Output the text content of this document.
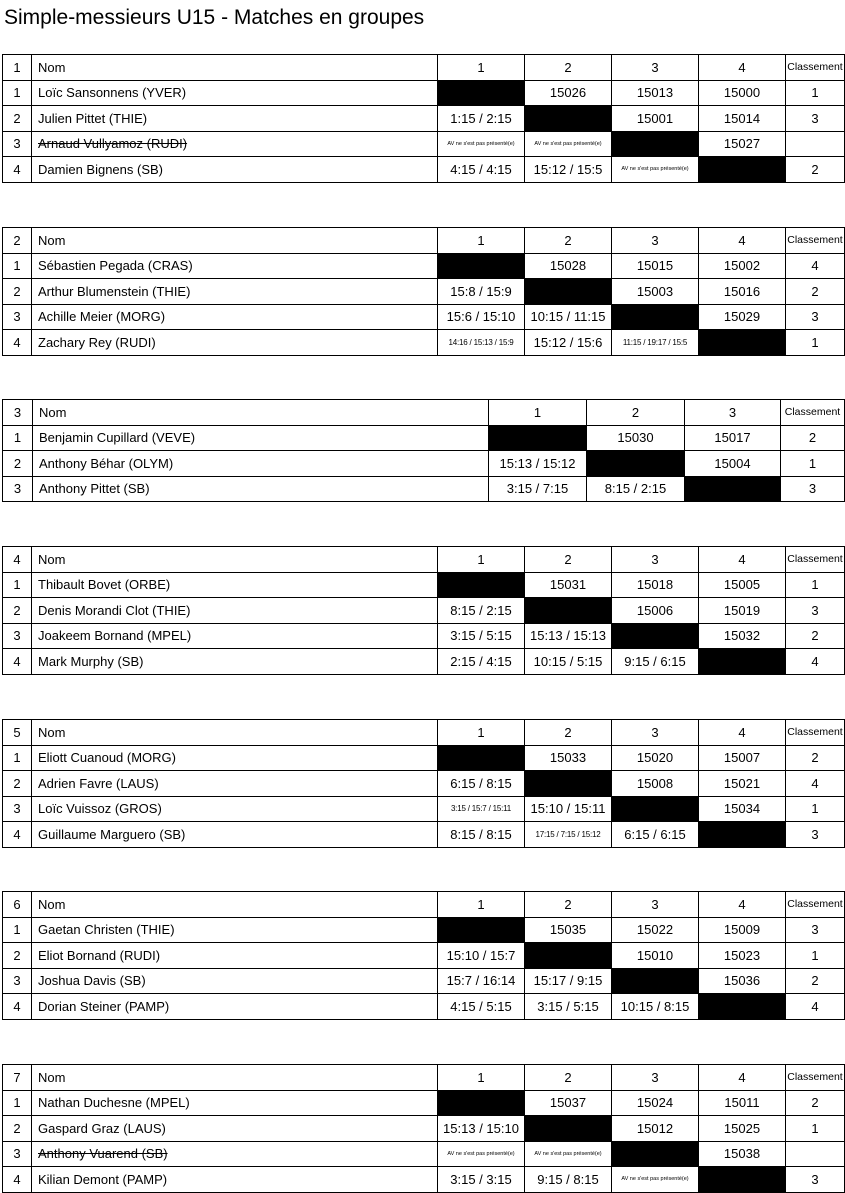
Simple-messieurs U15 - Matches en groupes
1	Nom	1	2	3	4	Classement
1	Loïc Sansonnens (YVER)		15026	15013	15000	1
2	Julien Pittet (THIE)	1:15 / 2:15		15001	15014	3
3	Arnaud Vullyamoz (RUDI)	AV ne s'est pas présenté(e)	AV ne s'est pas présenté(e)		15027	
4	Damien Bignens (SB)	4:15 / 4:15	15:12 / 15:5	AV ne s'est pas présenté(e)		2
2	Nom	1	2	3	4	Classement
1	Sébastien Pegada (CRAS)		15028	15015	15002	4
2	Arthur Blumenstein (THIE)	15:8 / 15:9		15003	15016	2
3	Achille Meier (MORG)	15:6 / 15:10	10:15 / 11:15		15029	3
4	Zachary Rey (RUDI)	14:16 / 15:13 / 15:9	15:12 / 15:6	11:15 / 19:17 / 15:5		1
3	Nom	1	2	3	Classement
1	Benjamin Cupillard (VEVE)		15030	15017	2
2	Anthony Béhar (OLYM)	15:13 / 15:12		15004	1
3	Anthony Pittet (SB)	3:15 / 7:15	8:15 / 2:15		3
4	Nom	1	2	3	4	Classement
1	Thibault Bovet (ORBE)		15031	15018	15005	1
2	Denis Morandi Clot (THIE)	8:15 / 2:15		15006	15019	3
3	Joakeem Bornand (MPEL)	3:15 / 5:15	15:13 / 15:13		15032	2
4	Mark Murphy (SB)	2:15 / 4:15	10:15 / 5:15	9:15 / 6:15		4
5	Nom	1	2	3	4	Classement
1	Eliott Cuanoud (MORG)		15033	15020	15007	2
2	Adrien Favre (LAUS)	6:15 / 8:15		15008	15021	4
3	Loïc Vuissoz (GROS)	3:15 / 15:7 / 15:11	15:10 / 15:11		15034	1
4	Guillaume Marguero (SB)	8:15 / 8:15	17:15 / 7:15 / 15:12	6:15 / 6:15		3
6	Nom	1	2	3	4	Classement
1	Gaetan Christen (THIE)		15035	15022	15009	3
2	Eliot Bornand (RUDI)	15:10 / 15:7		15010	15023	1
3	Joshua Davis (SB)	15:7 / 16:14	15:17 / 9:15		15036	2
4	Dorian Steiner (PAMP)	4:15 / 5:15	3:15 / 5:15	10:15 / 8:15		4
7	Nom	1	2	3	4	Classement
1	Nathan Duchesne (MPEL)		15037	15024	15011	2
2	Gaspard Graz (LAUS)	15:13 / 15:10		15012	15025	1
3	Anthony Vuarend (SB)	AV ne s'est pas présenté(e)	AV ne s'est pas présenté(e)		15038	
4	Kilian Demont (PAMP)	3:15 / 3:15	9:15 / 8:15	AV ne s'est pas présenté(e)		3
